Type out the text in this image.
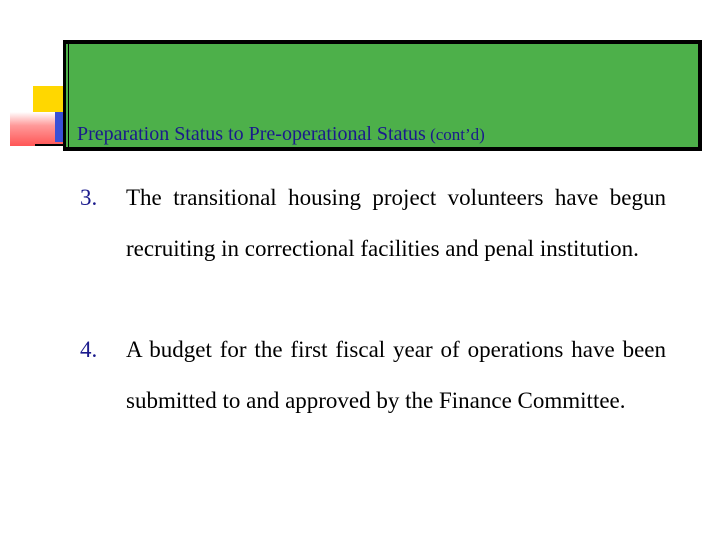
Preparation Status to Pre-operational Status (cont’d)
3. The transitional housing project volunteers have begun recruiting in correctional facilities and penal institution.
4. A budget for the first fiscal year of operations have been submitted to and approved by the Finance Committee.
